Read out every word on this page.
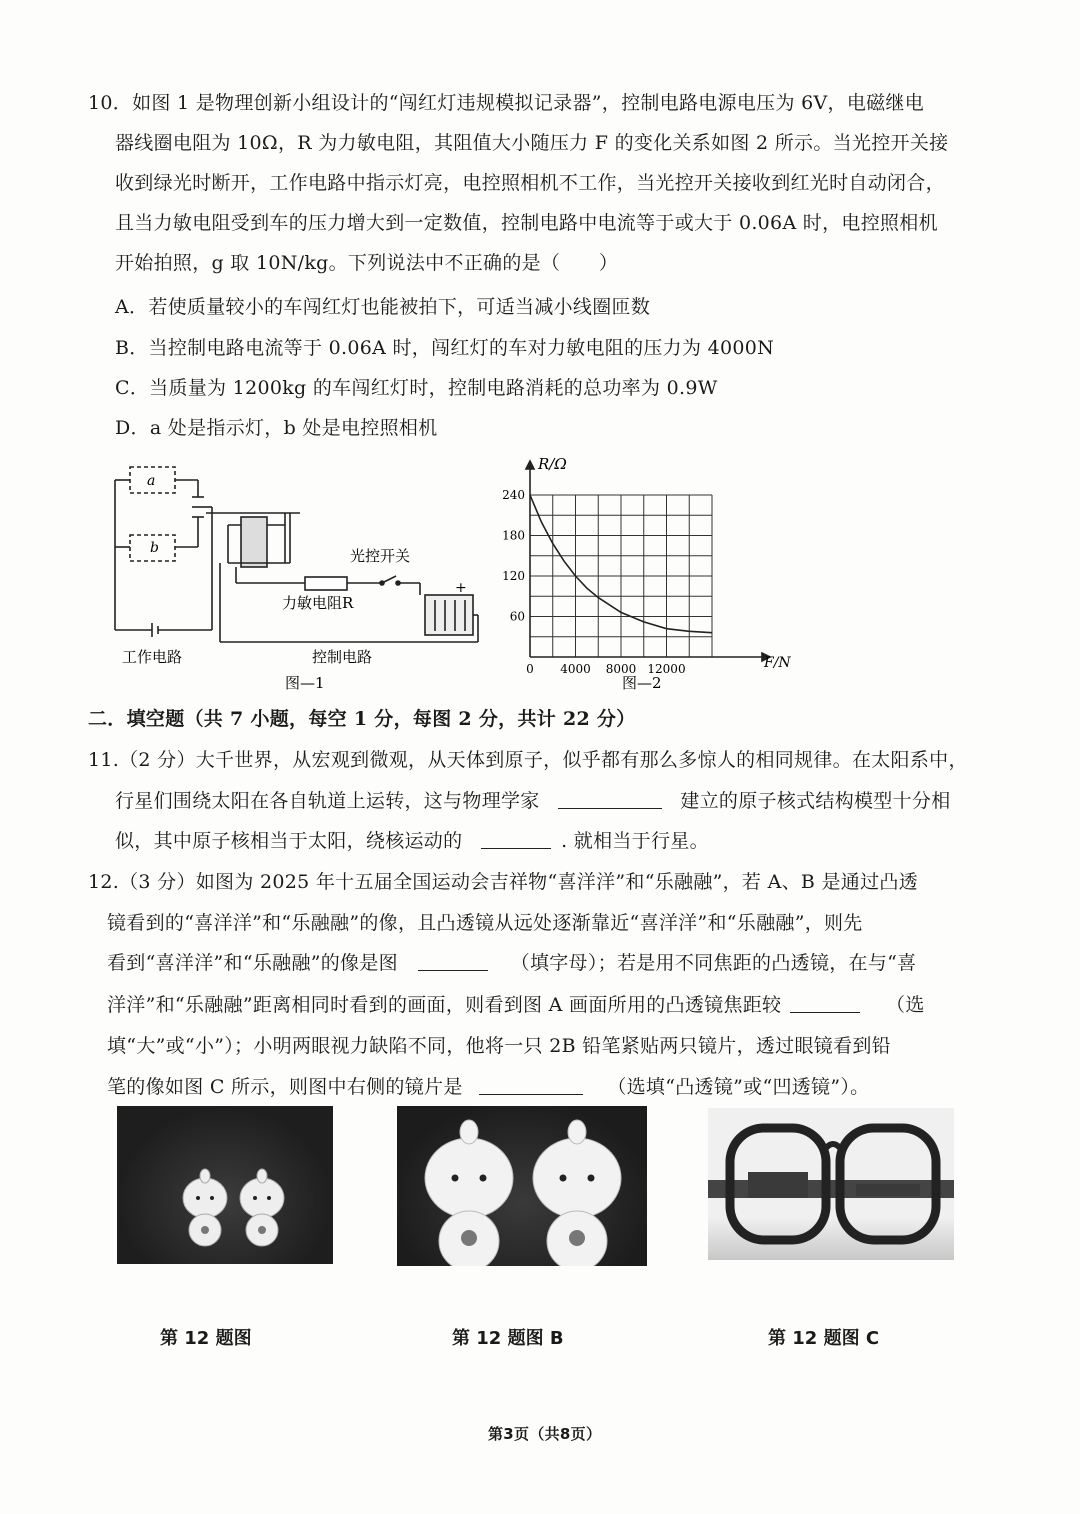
10．如图 1 是物理创新小组设计的“闯红灯违规模拟记录器”，控制电路电源电压为 6V，电磁继电
器线圈电阻为 10Ω，R 为力敏电阻，其阻值大小随压力 F 的变化关系如图 2 所示。当光控开关接
收到绿光时断开，工作电路中指示灯亮，电控照相机不工作，当光控开关接收到红光时自动闭合，
且当力敏电阻受到车的压力增大到一定数值，控制电路中电流等于或大于 0.06A 时，电控照相机
开始拍照，g 取 10N/kg。下列说法中不正确的是（　　）
A．若使质量较小的车闯红灯也能被拍下，可适当减小线圈匝数
B．当控制电路电流等于 0.06A 时，闯红灯的车对力敏电阻的压力为 4000N
C．当质量为 1200kg 的车闯红灯时，控制电路消耗的总功率为 0.9W
D．a 处是指示灯，b 处是电控照相机
a
b	光控开关
力敏电阻R
+
工作电路	控制电路
图—1
0 4000 8000 12000
60
120
180
240
R/Ω
F/N
图—2
二．填空题（共 7 小题，每空 1 分，每图 2 分，共计 22 分）
11.（2 分）大千世界，从宏观到微观，从天体到原子，似乎都有那么多惊人的相同规律。在太阳系中，
行星们围绕太阳在各自轨道上运转，这与物理学家	建立的原子核式结构模型十分相
似，其中原子核相当于太阳，绕核运动的	. 就相当于行星。
12.（3 分）如图为 2025 年十五届全国运动会吉祥物“喜洋洋”和“乐融融”，若 A、B 是通过凸透
镜看到的“喜洋洋”和“乐融融”的像，且凸透镜从远处逐渐靠近“喜洋洋”和“乐融融”，则先
看到“喜洋洋”和“乐融融”的像是图	（填字母）；若是用不同焦距的凸透镜，在与“喜
洋洋”和“乐融融”距离相同时看到的画面，则看到图 A 画面所用的凸透镜焦距较	（选
填“大”或“小”）；小明两眼视力缺陷不同，他将一只 2B 铅笔紧贴两只镜片，透过眼镜看到铅
笔的像如图 C 所示，则图中右侧的镜片是	（选填“凸透镜”或“凹透镜”）。
第 12 题图	第 12 题图 B	第 12 题图 C
第3页（共8页）
